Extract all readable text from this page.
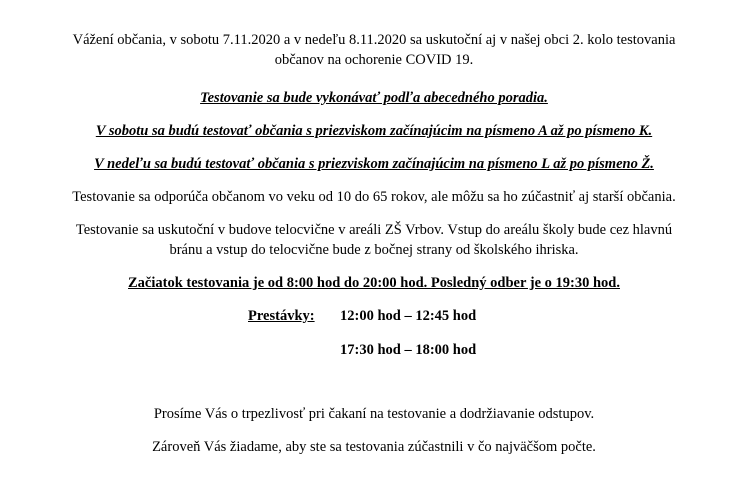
Vážení občania, v sobotu 7.11.2020 a v nedeľu 8.11.2020 sa uskutoční aj v našej obci 2. kolo testovania
občanov na ochorenie COVID 19.

Testovanie sa bude vykonávať podľa abecedného poradia.

V sobotu sa budú testovať občania s priezviskom začínajúcim na písmeno A až po písmeno K.

V nedeľu sa budú testovať občania s priezviskom začínajúcim na písmeno L až po písmeno Ž.

Testovanie sa odporúča občanom vo veku od 10 do 65 rokov, ale môžu sa ho zúčastniť aj starší občania.

Testovanie sa uskutoční v budove telocvične v areáli ZŠ Vrbov. Vstup do areálu školy bude cez hlavnú
bránu a vstup do telocvične bude z bočnej strany od školského ihriska.

Začiatok testovania je od 8:00 hod do 20:00 hod. Posledný odber je o 19:30 hod.

Prestávky: 12:00 hod – 12:45 hod
17:30 hod – 18:00 hod

Prosíme Vás o trpezlivosť pri čakaní na testovanie a dodržiavanie odstupov.

Zároveň Vás žiadame, aby ste sa testovania zúčastnili v čo najväčšom počte.
